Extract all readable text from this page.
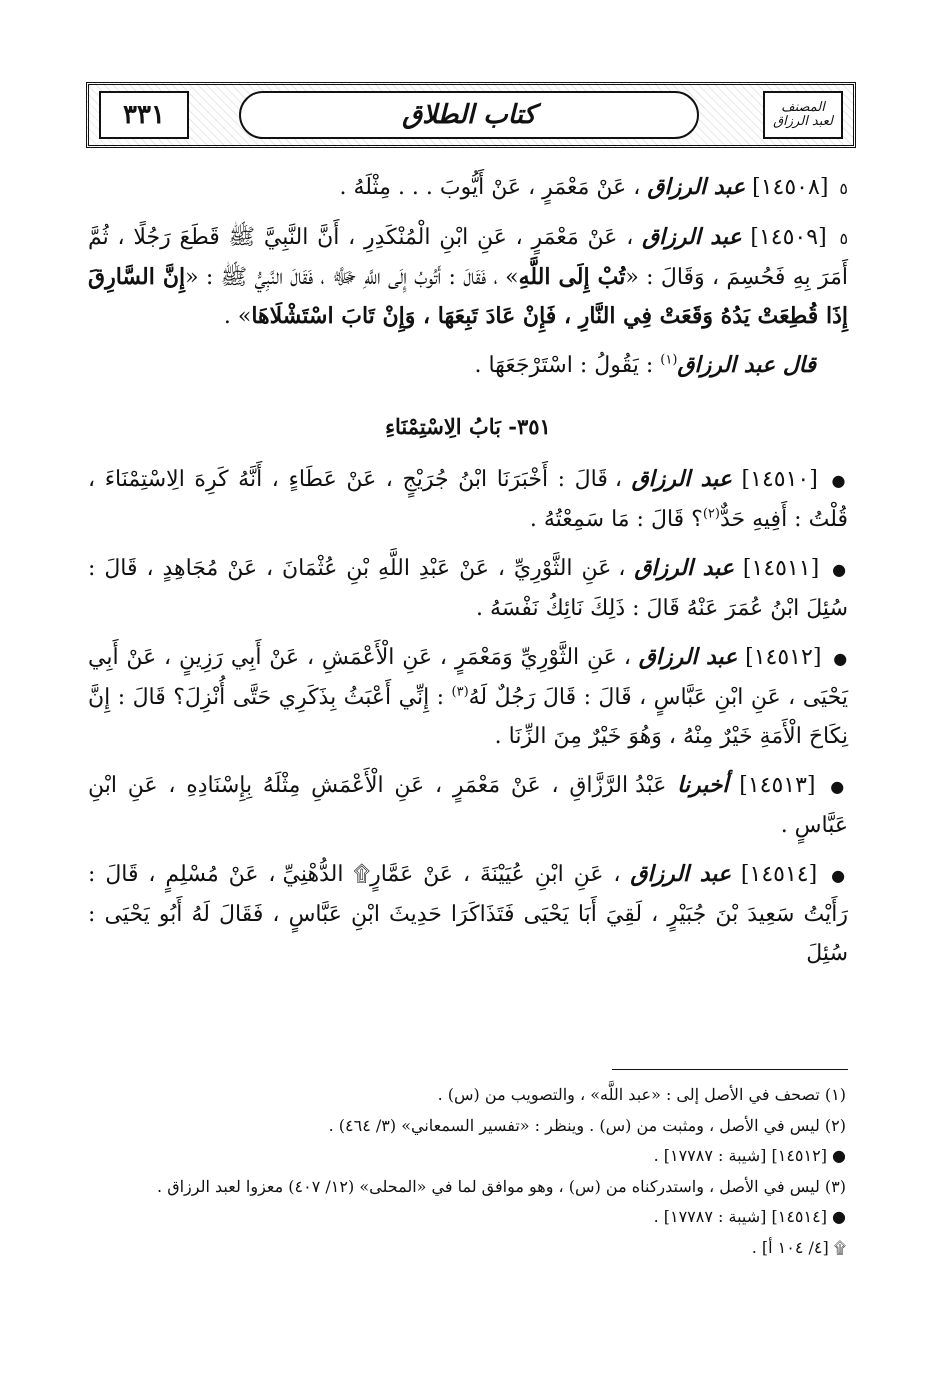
٣٣١	كتاب الطلاق	المصنف
لعبد الرزاق

٥ [١٤٥٠٨] عبد الرزاق ، عَنْ مَعْمَرٍ ، عَنْ أَيُّوبَ . . . مِثْلَهُ .

٥ [١٤٥٠٩] عبد الرزاق ، عَنْ مَعْمَرٍ ، عَنِ ابْنِ الْمُنْكَدِرِ ، أَنَّ النَّبِيَّ ﷺ قَطَعَ رَجُلًا ، ثُمَّ أَمَرَ بِهِ فَحُسِمَ ، وَقَالَ : «تُبْ إِلَى اللَّهِ» ، فَقَالَ : أَتُوبُ إِلَى اللَّهِ ﷻ ، فَقَالَ النَّبِيُّ ﷺ : «إِنَّ السَّارِقَ إِذَا قُطِعَتْ يَدُهُ وَقَعَتْ فِي النَّارِ ، فَإِنْ عَادَ تَبِعَهَا ، وَإِنْ تَابَ اسْتَشْلَاهَا» .

قال عبد الرزاق$^{(١)}$ : يَقُولُ : اسْتَرْجَعَهَا .

٣٥١- بَابُ الِاسْتِمْنَاءِ

● [١٤٥١٠] عبد الرزاق ، قَالَ : أَخْبَرَنَا ابْنُ جُرَيْجٍ ، عَنْ عَطَاءٍ ، أَنَّهُ كَرِهَ الِاسْتِمْنَاءَ ، قُلْتُ : أَفِيهِ حَدٌّ$^{(٢)}$؟ قَالَ : مَا سَمِعْتُهُ .

● [١٤٥١١] عبد الرزاق ، عَنِ الثَّوْرِيِّ ، عَنْ عَبْدِ اللَّهِ بْنِ عُثْمَانَ ، عَنْ مُجَاهِدٍ ، قَالَ : سُئِلَ ابْنُ عُمَرَ عَنْهُ قَالَ : ذَلِكَ نَائِكُ نَفْسَهُ .

● [١٤٥١٢] عبد الرزاق ، عَنِ الثَّوْرِيِّ وَمَعْمَرٍ ، عَنِ الْأَعْمَشِ ، عَنْ أَبِي رَزِينٍ ، عَنْ أَبِي يَحْيَى ، عَنِ ابْنِ عَبَّاسٍ ، قَالَ : قَالَ رَجُلٌ لَهُ$^{(٣)}$ : إِنِّي أَعْبَثُ بِذَكَرِي حَتَّى أُنْزِلَ؟ قَالَ : إِنَّ نِكَاحَ الْأَمَةِ خَيْرٌ مِنْهُ ، وَهُوَ خَيْرٌ مِنَ الزِّنَا .

● [١٤٥١٣] أخبرنا عَبْدُ الرَّزَّاقِ ، عَنْ مَعْمَرٍ ، عَنِ الْأَعْمَشِ مِثْلَهُ بِإِسْنَادِهِ ، عَنِ ابْنِ عَبَّاسٍ .

● [١٤٥١٤] عبد الرزاق ، عَنِ ابْنِ عُيَيْنَةَ ، عَنْ عَمَّارٍ۩ الدُّهْنِيِّ ، عَنْ مُسْلِمٍ ، قَالَ : رَأَيْتُ سَعِيدَ بْنَ جُبَيْرٍ ، لَقِيَ أَبَا يَحْيَى فَتَذَاكَرَا حَدِيثَ ابْنِ عَبَّاسٍ ، فَقَالَ لَهُ أَبُو يَحْيَى : سُئِلَ

(١) تصحف في الأصل إلى : «عبد اللَّه» ، والتصويب من (س) .
(٢) ليس في الأصل ، ومثبت من (س) . وينظر : «تفسير السمعاني» (٣/ ٤٦٤) .
● [١٤٥١٢] [شيبة : ١٧٧٨٧] .
(٣) ليس في الأصل ، واستدركناه من (س) ، وهو موافق لما في «المحلى» (١٢/ ٤٠٧) معزوا لعبد الرزاق .
● [١٤٥١٤] [شيبة : ١٧٧٨٧] .
۩ [٤/ ١٠٤ أ] .
